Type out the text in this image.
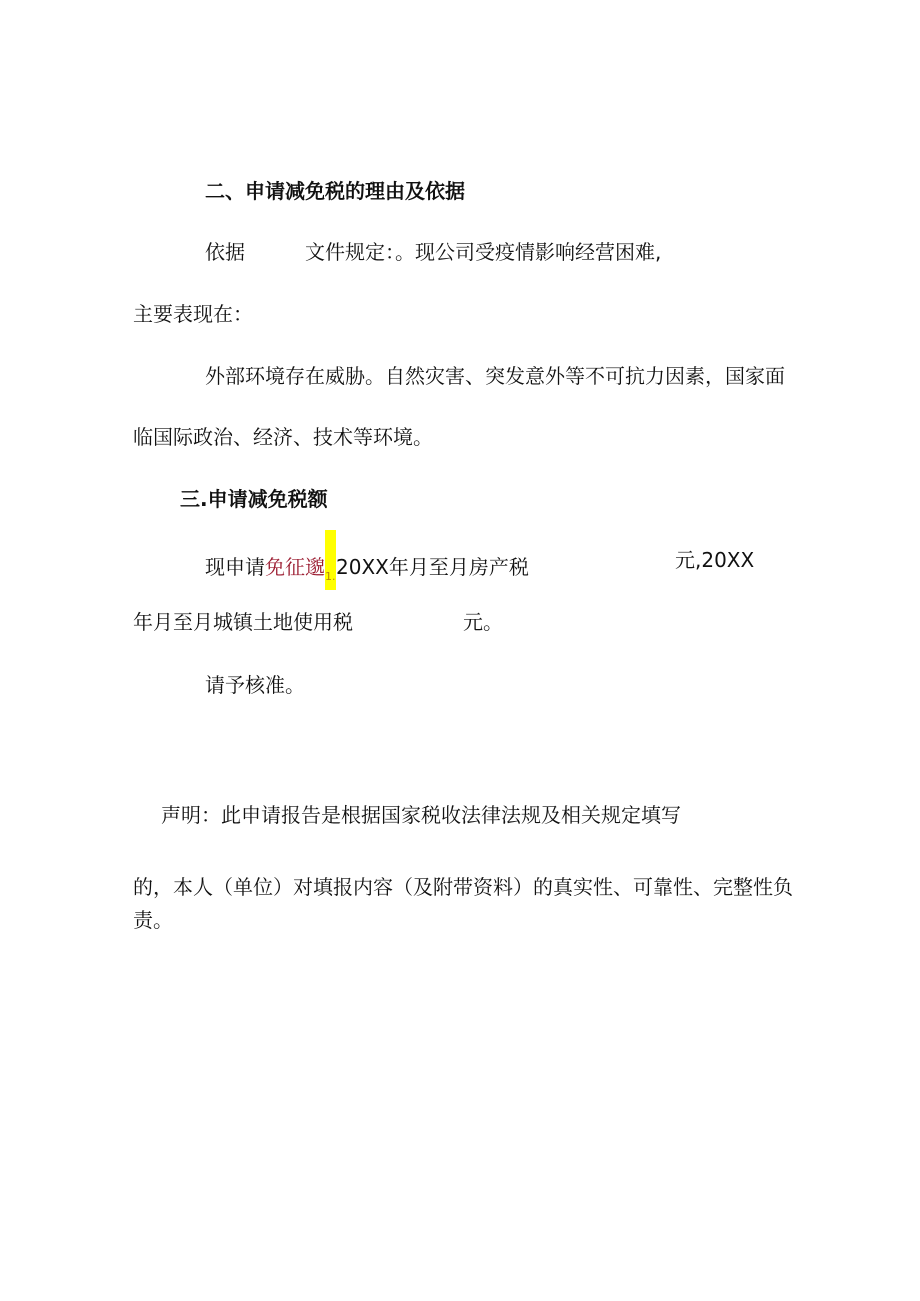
二、申请减免税的理由及依据
依据	文件规定：。现公司受疫情影响经营困难,
主要表现在：
外部环境存在威胁。自然灾害、突发意外等不可抗力因素，国家面
临国际政治、经济、技术等环境。
三.申请减免税额
现申请免征邈 1. 20XX年月至月房产税	元,20XX
年月至月城镇土地使用税	元。
请予核准。
声明：此申请报告是根据国家税收法律法规及相关规定填写
的，本人（单位）对填报内容（及附带资料）的真实性、可靠性、完整性负
责。
